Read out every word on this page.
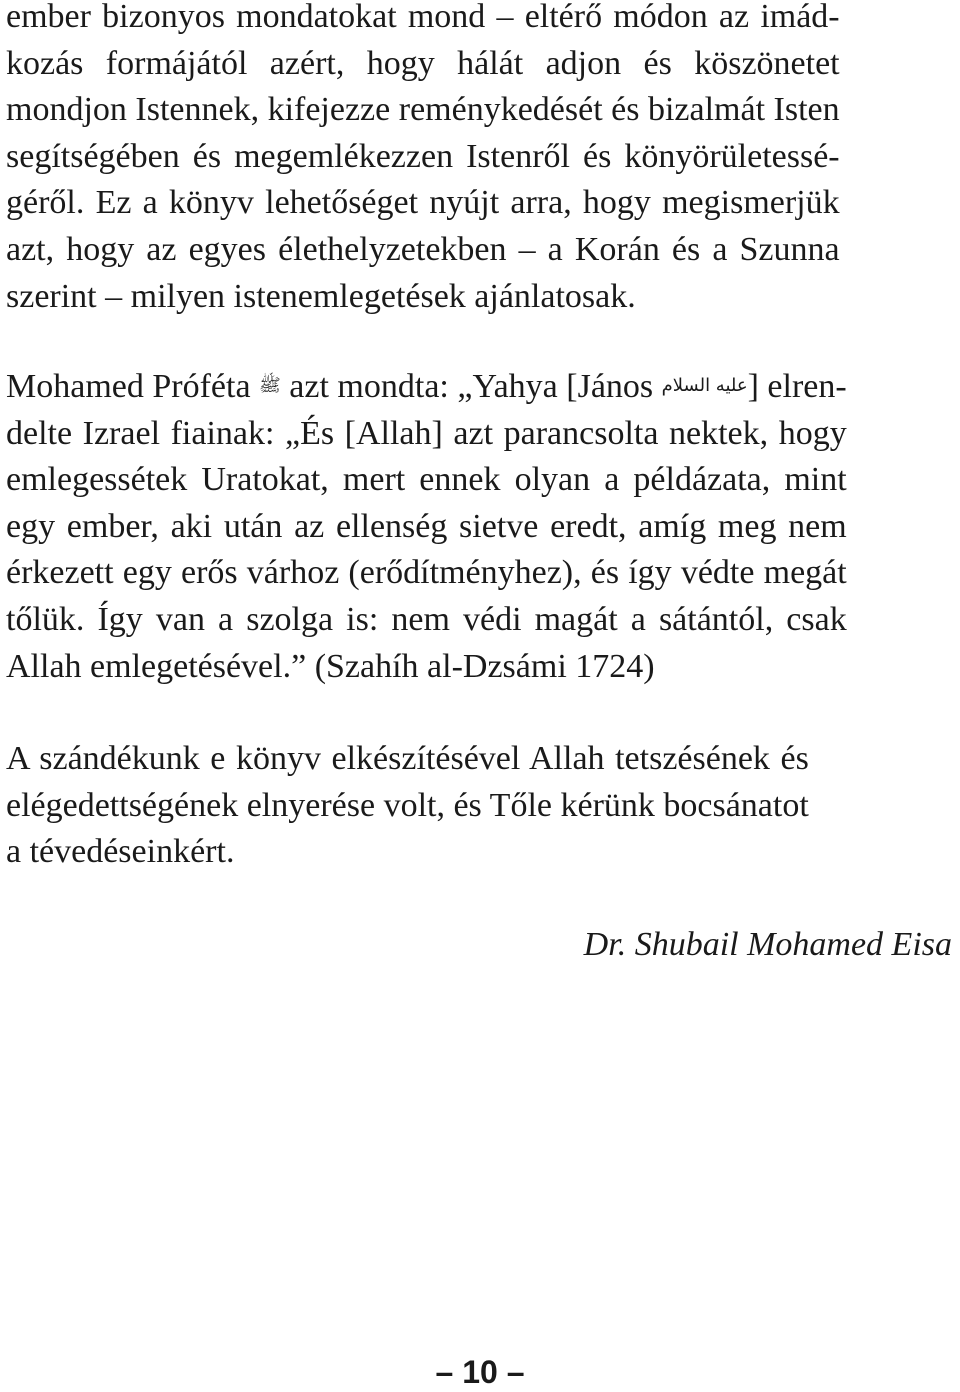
ember bizonyos mondatokat mond – eltérő módon az imád-
kozás formájától azért, hogy hálát adjon és köszönetet
mondjon Istennek, kifejezze reménykedését és bizalmát Isten
segítségében és megemlékezzen Istenről és könyörületessé-
géről. Ez a könyv lehetőséget nyújt arra, hogy megismerjük
azt, hogy az egyes élethelyzetekben – a Korán és a Szunna
szerint – milyen istenemlegetések ajánlatosak.
Mohamed Próféta ﷺ azt mondta: „Yahya [János عليه السلام] elren-
delte Izrael fiainak: „És [Allah] azt parancsolta nektek, hogy
emlegessétek Uratokat, mert ennek olyan a példázata, mint
egy ember, aki után az ellenség sietve eredt, amíg meg nem
érkezett egy erős várhoz (erődítményhez), és így védte megát
tőlük. Így van a szolga is: nem védi magát a sátántól, csak
Allah emlegetésével.” (Szahíh al-Dzsámi 1724)
A szándékunk e könyv elkészítésével Allah tetszésének és
elégedettségének elnyerése volt, és Tőle kérünk bocsánatot
a tévedéseinkért.

Dr. Shubail Mohamed Eisa

– 10 –
